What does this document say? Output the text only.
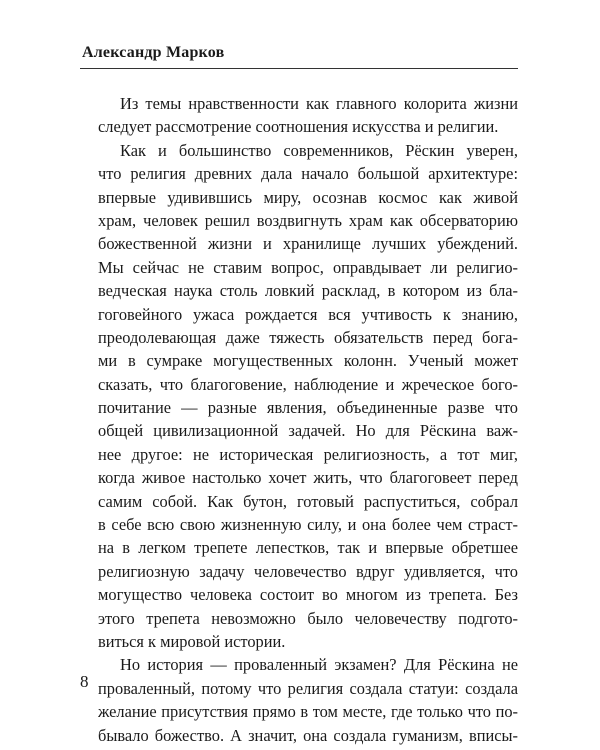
Александр Марков
Из темы нравственности как главного колорита жизни
следует рассмотрение соотношения искусства и религии.
Как и большинство современников, Рёскин уверен,
что религия древних дала начало большой архитектуре:
впервые удивившись миру, осознав космос как живой
храм, человек решил воздвигнуть храм как обсерваторию
божественной жизни и хранилище лучших убеждений.
Мы сейчас не ставим вопрос, оправдывает ли религио-
ведческая наука столь ловкий расклад, в котором из бла-
гоговейного ужаса рождается вся учтивость к знанию,
преодолевающая даже тяжесть обязательств перед бога-
ми в сумраке могущественных колонн. Ученый может
сказать, что благоговение, наблюдение и жреческое бого-
почитание — разные явления, объединенные разве что
общей цивилизационной задачей. Но для Рёскина важ-
нее другое: не историческая религиозность, а тот миг,
когда живое настолько хочет жить, что благоговеет перед
самим собой. Как бутон, готовый распуститься, собрал
в себе всю свою жизненную силу, и она более чем страст-
на в легком трепете лепестков, так и впервые обретшее
религиозную задачу человечество вдруг удивляется, что
могущество человека состоит во многом из трепета. Без
этого трепета невозможно было человечеству подгото-
виться к мировой истории.
Но история — проваленный экзамен? Для Рёскина не
проваленный, потому что религия создала статуи: создала
желание присутствия прямо в том месте, где только что по-
бывало божество. А значит, она создала гуманизм, вписы-
8
